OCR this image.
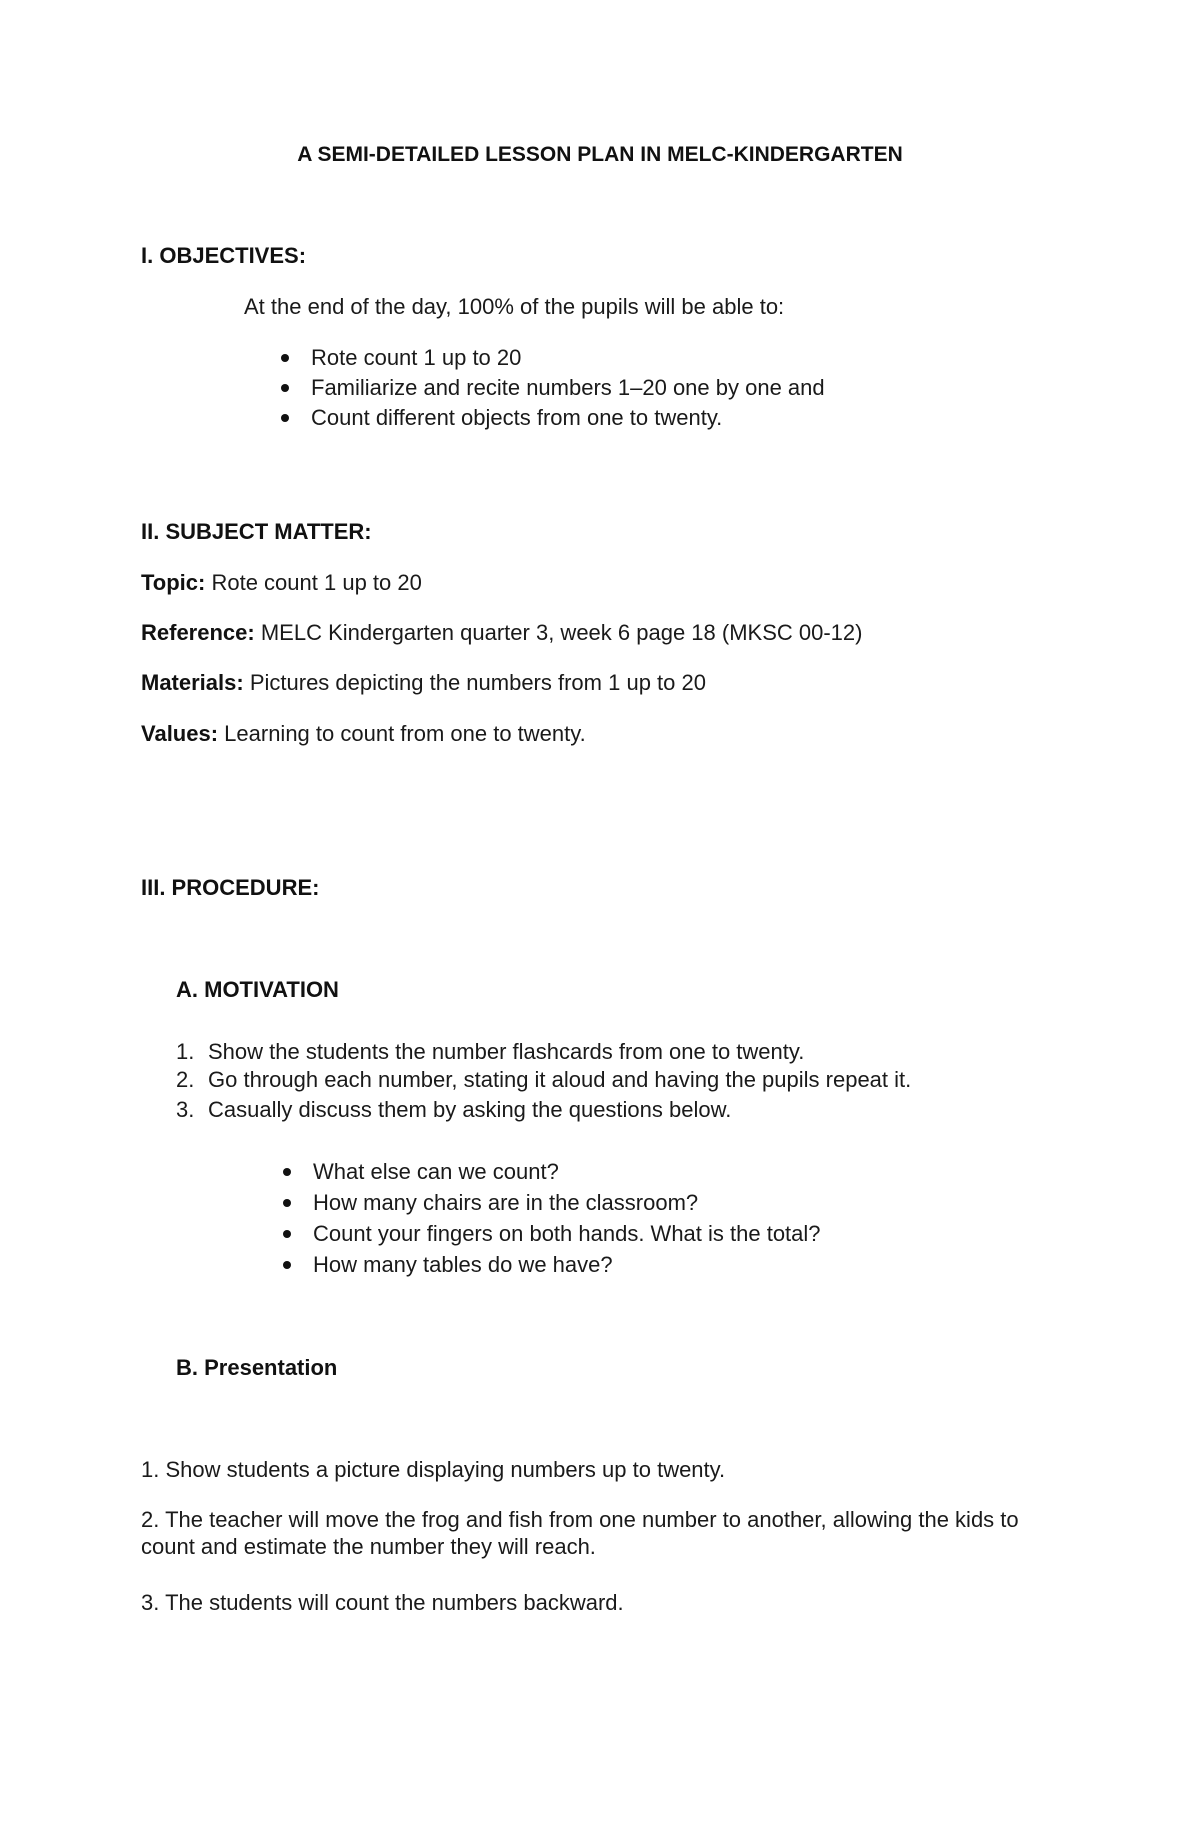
A SEMI-DETAILED LESSON PLAN IN MELC-KINDERGARTEN
I. OBJECTIVES:
At the end of the day, 100% of the pupils will be able to:
Rote count 1 up to 20
Familiarize and recite numbers 1–20 one by one and
Count different objects from one to twenty.
II. SUBJECT MATTER:
Topic: Rote count 1 up to 20
Reference: MELC Kindergarten quarter 3, week 6 page 18 (MKSC 00-12)
Materials: Pictures depicting the numbers from 1 up to 20
Values: Learning to count from one to twenty.
III. PROCEDURE:
A. MOTIVATION
1. Show the students the number flashcards from one to twenty.
2. Go through each number, stating it aloud and having the pupils repeat it.
3. Casually discuss them by asking the questions below.
What else can we count?
How many chairs are in the classroom?
Count your fingers on both hands. What is the total?
How many tables do we have?
B. Presentation
1. Show students a picture displaying numbers up to twenty.
2. The teacher will move the frog and fish from one number to another, allowing the kids to count and estimate the number they will reach.
3. The students will count the numbers backward.
